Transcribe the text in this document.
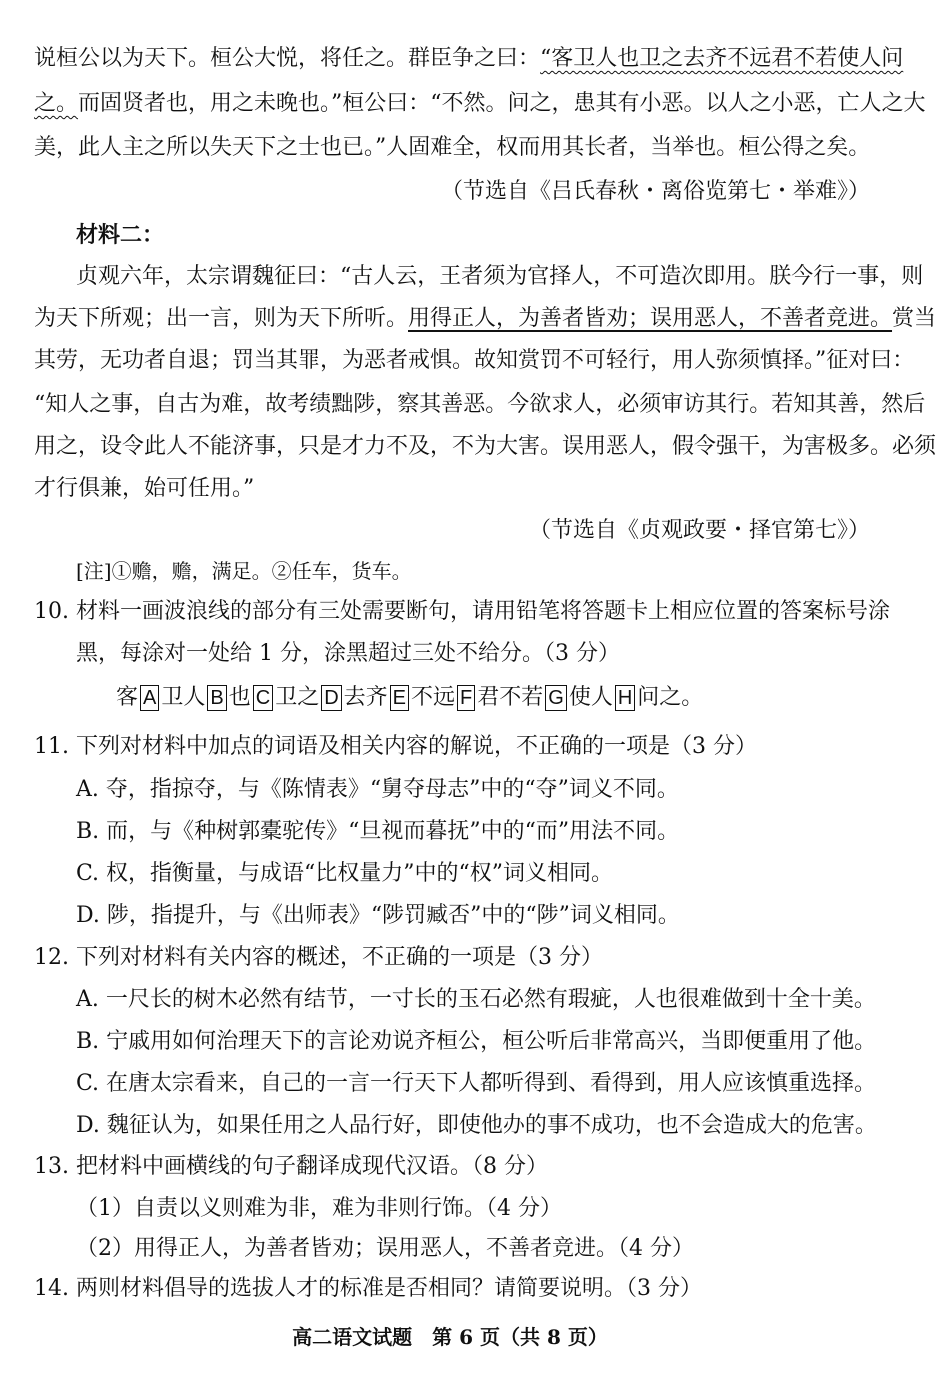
说桓公以为天下。桓公大悦，将任之。群臣争之曰：“客卫人也卫之去齐不远君不若使人问
之。而固贤者也，用之未晚也。”桓公曰：“不然。问之，患其有小恶。以人之小恶，亡人之大
美，此人主之所以失天下之士也已。”人固难全，权而用其长者，当举也。桓公得之矣。
（节选自《吕氏春秋・离俗览第七・举难》）
材料二：
贞观六年，太宗谓魏征曰：“古人云，王者须为官择人，不可造次即用。朕今行一事，则
为天下所观；出一言，则为天下所听。用得正人，为善者皆劝；误用恶人，不善者竞进。赏当
其劳，无功者自退；罚当其罪，为恶者戒惧。故知赏罚不可轻行，用人弥须慎择。”征对曰：
“知人之事，自古为难，故考绩黜陟，察其善恶。今欲求人，必须审访其行。若知其善，然后
用之，设令此人不能济事，只是才力不及，不为大害。误用恶人，假令强干，为害极多。必须
才行俱兼，始可任用。”
（节选自《贞观政要・择官第七》）
[注]①赡，赡，满足。②任车，货车。
10. 材料一画波浪线的部分有三处需要断句，请用铅笔将答题卡上相应位置的答案标号涂
黑，每涂对一处给 1 分，涂黑超过三处不给分。（3 分）
客 A 卫人 B 也 C 卫之 D 去齐 E 不远 F 君不若 G 使人 H 问之。
11. 下列对材料中加点的词语及相关内容的解说，不正确的一项是（3 分）
A. 夺，指掠夺，与《陈情表》“舅夺母志”中的“夺”词义不同。
B. 而，与《种树郭橐驼传》“旦视而暮抚”中的“而”用法不同。
C. 权，指衡量，与成语“比权量力”中的“权”词义相同。
D. 陟，指提升，与《出师表》“陟罚臧否”中的“陟”词义相同。
12. 下列对材料有关内容的概述，不正确的一项是（3 分）
A. 一尺长的树木必然有结节，一寸长的玉石必然有瑕疵，人也很难做到十全十美。
B. 宁戚用如何治理天下的言论劝说齐桓公，桓公听后非常高兴，当即便重用了他。
C. 在唐太宗看来，自己的一言一行天下人都听得到、看得到，用人应该慎重选择。
D. 魏征认为，如果任用之人品行好，即使他办的事不成功，也不会造成大的危害。
13. 把材料中画横线的句子翻译成现代汉语。（8 分）
（1）自责以义则难为非，难为非则行饰。（4 分）
（2）用得正人，为善者皆劝；误用恶人，不善者竞进。（4 分）
14. 两则材料倡导的选拔人才的标准是否相同？请简要说明。（3 分）
高二语文试题　第 6 页（共 8 页）
